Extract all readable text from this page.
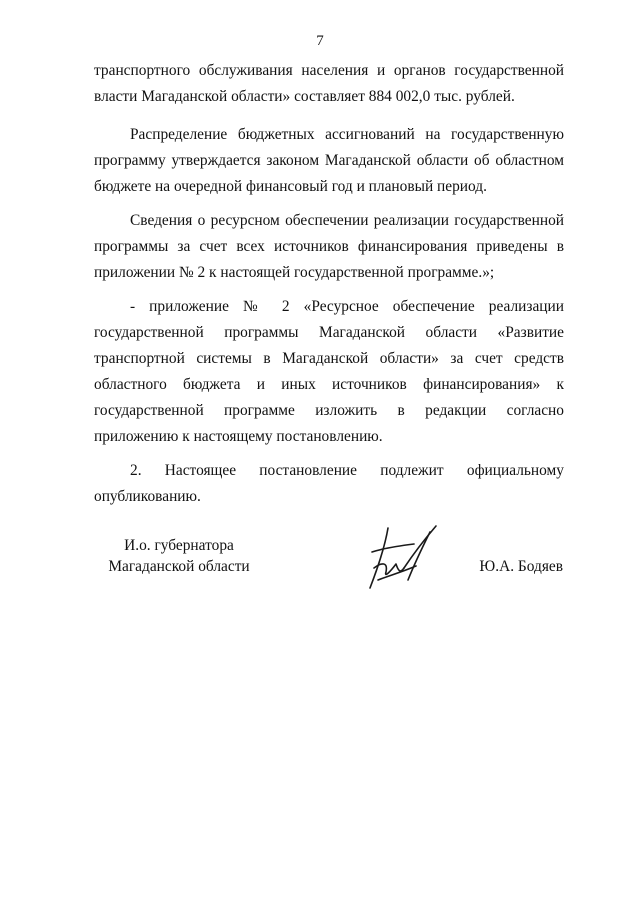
7

транспортного обслуживания населения и органов государственной власти Магаданской области» составляет 884 002,0 тыс. рублей.

Распределение бюджетных ассигнований на государственную программу утверждается законом Магаданской области об областном бюджете на очередной финансовый год и плановый период.

Сведения о ресурсном обеспечении реализации государственной программы за счет всех источников финансирования приведены в приложении № 2 к настоящей государственной программе.»;

- приложение № 2 «Ресурсное обеспечение реализации государственной программы Магаданской области «Развитие транспортной системы в Магаданской области» за счет средств областного бюджета и иных источников финансирования» к государственной программе изложить в редакции согласно приложению к настоящему постановлению.

2. Настоящее постановление подлежит официальному опубликованию.

И.о. губернатора
Магаданской области	Ю.А. Бодяев
